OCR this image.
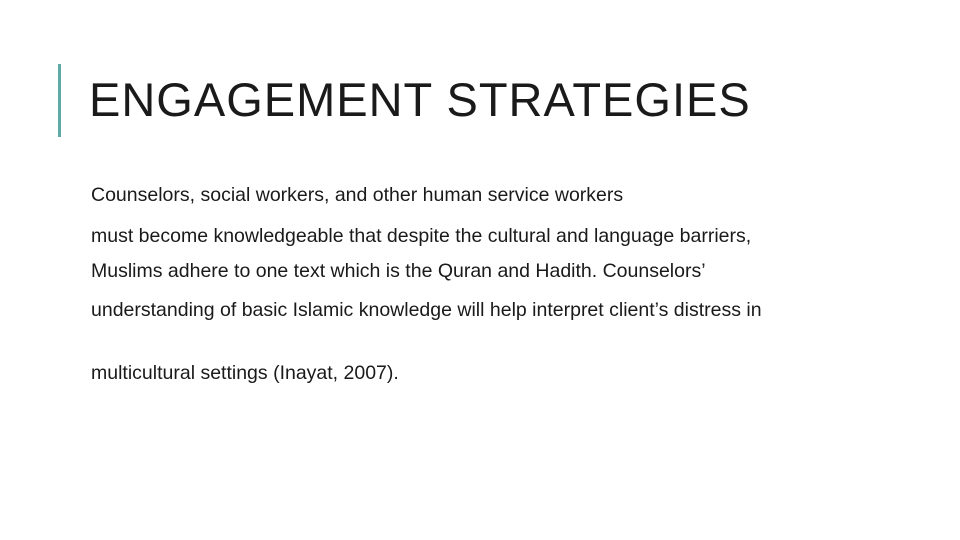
ENGAGEMENT STRATEGIES

Counselors, social workers, and other human service workers

must become knowledgeable that despite the cultural and language barriers,

Muslims adhere to one text which is the Quran and Hadith. Counselors’

understanding of basic Islamic knowledge will help interpret client’s distress in

multicultural settings (Inayat, 2007).
